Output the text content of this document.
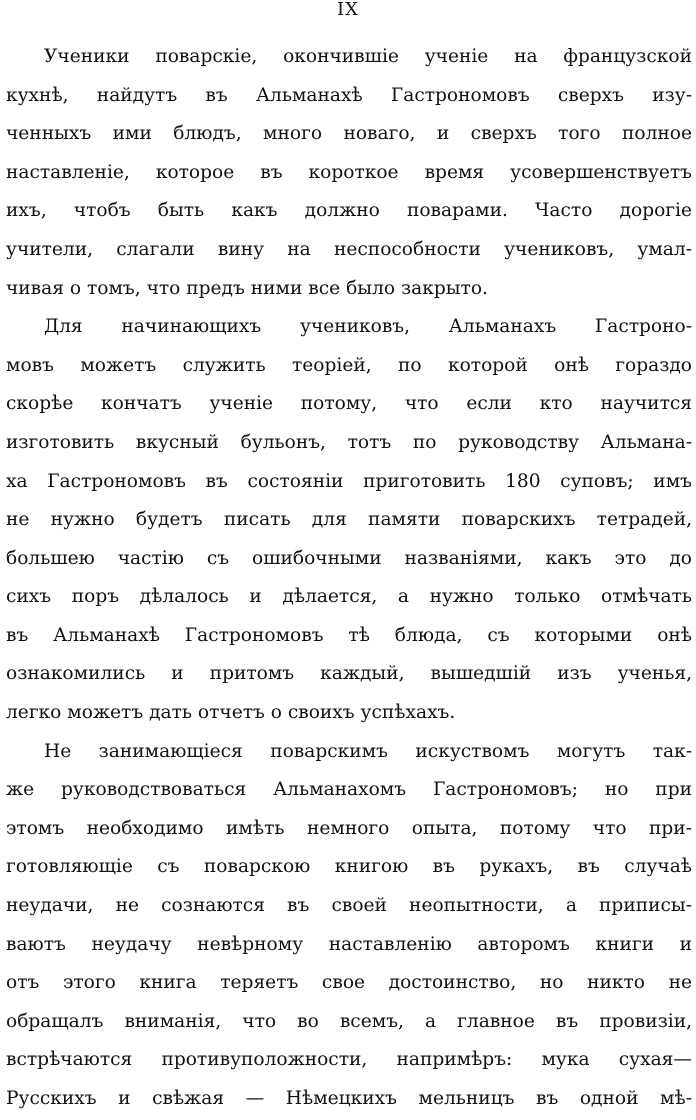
IX
Ученики поварскіе, окончившіе ученіе на французской
кухнѣ, найдутъ въ Альманахѣ Гастрономовъ сверхъ изу-
ченныхъ ими блюдъ, много новаго, и сверхъ того полное
наставленіе, которое въ короткое время усовершенствуетъ
ихъ, чтобъ быть какъ должно поварами. Часто дорогіе
учители, слагали вину на неспособности учениковъ, умал-
чивая о томъ, что предъ ними все было закрыто.
Для начинающихъ учениковъ, Альманахъ Гастроно-
мовъ можетъ служить теоріей, по которой онѣ гораздо
скорѣе кончатъ ученіе потому, что если кто научится
изготовить вкусный бульонъ, тотъ по руководству Альмана-
ха Гастрономовъ въ состояніи приготовить 180 суповъ; имъ
не нужно будетъ писать для памяти поварскихъ тетрадей,
большею частію съ ошибочными названіями, какъ это до
сихъ поръ дѣлалось и дѣлается, а нужно только отмѣчать
въ Альманахѣ Гастрономовъ тѣ блюда, съ которыми онѣ
ознакомились и притомъ каждый, вышедшій изъ ученья,
легко можетъ дать отчетъ о своихъ успѣхахъ.
Не занимающіеся поварскимъ искуствомъ могутъ так-
же руководствоваться Альманахомъ Гастрономовъ; но при
этомъ необходимо имѣть немного опыта, потому что при-
готовляющіе съ поварскою книгою въ рукахъ, въ случаѣ
неудачи, не сознаются въ своей неопытности, а приписы-
ваютъ неудачу невѣрному наставленію авторомъ книги и
отъ этого книга теряетъ свое достоинство, но никто не
обращалъ вниманія, что во всемъ, а главное въ провизіи,
встрѣчаются противуположности, напримѣръ: мука сухая—
Русскихъ и свѣжая — Нѣмецкихъ мельницъ въ одной мѣ-
